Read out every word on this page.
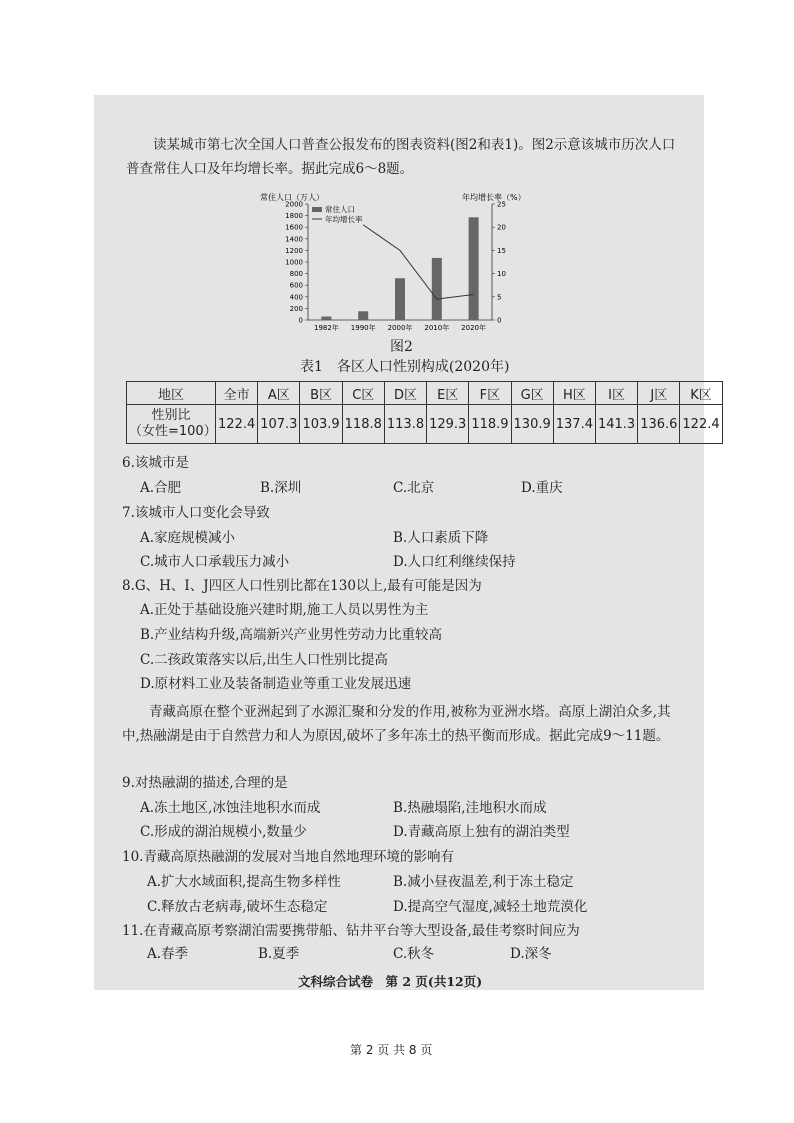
读某城市第七次全国人口普查公报发布的图表资料(图2和表1)。图2示意该城市历次人口普查常住人口及年均增长率。据此完成6～8题。

常住人口（万人）	年均增长率（%）
0
200
400
600
800
1000
1200
1400
1600
1800
2000
0
5
10
15
20
25
1982年 1990年 2000年 2010年 2020年
常住人口
年均增长率
图2
表1　各区人口性别构成(2020年)
地区	全市	A区	B区	C区	D区	E区	F区	G区	H区	I区	J区	K区
性别比
（女性=100）	122.4	107.3	103.9	118.8	113.8	129.3	118.9	130.9	137.4	141.3	136.6	122.4
6.该城市是
A.合肥	B.深圳	C.北京	D.重庆
7.该城市人口变化会导致
A.家庭规模减小	B.人口素质下降
C.城市人口承载压力减小	D.人口红利继续保持
8.G、H、I、J四区人口性别比都在130以上,最有可能是因为
A.正处于基础设施兴建时期,施工人员以男性为主
B.产业结构升级,高端新兴产业男性劳动力比重较高
C.二孩政策落实以后,出生人口性别比提高
D.原材料工业及装备制造业等重工业发展迅速

青藏高原在整个亚洲起到了水源汇聚和分发的作用,被称为亚洲水塔。高原上湖泊众多,其中,热融湖是由于自然营力和人为原因,破坏了多年冻土的热平衡而形成。据此完成9～11题。

9.对热融湖的描述,合理的是
A.冻土地区,冰蚀洼地积水而成	B.热融塌陷,洼地积水而成
C.形成的湖泊规模小,数量少	D.青藏高原上独有的湖泊类型
10.青藏高原热融湖的发展对当地自然地理环境的影响有
A.扩大水域面积,提高生物多样性	B.减小昼夜温差,利于冻土稳定
C.释放古老病毒,破坏生态稳定	D.提高空气湿度,减轻土地荒漠化
11.在青藏高原考察湖泊需要携带船、钻井平台等大型设备,最佳考察时间应为
A.春季	B.夏季	C.秋冬	D.深冬
文科综合试卷　第 2 页(共12页)
第 2 页 共 8 页
